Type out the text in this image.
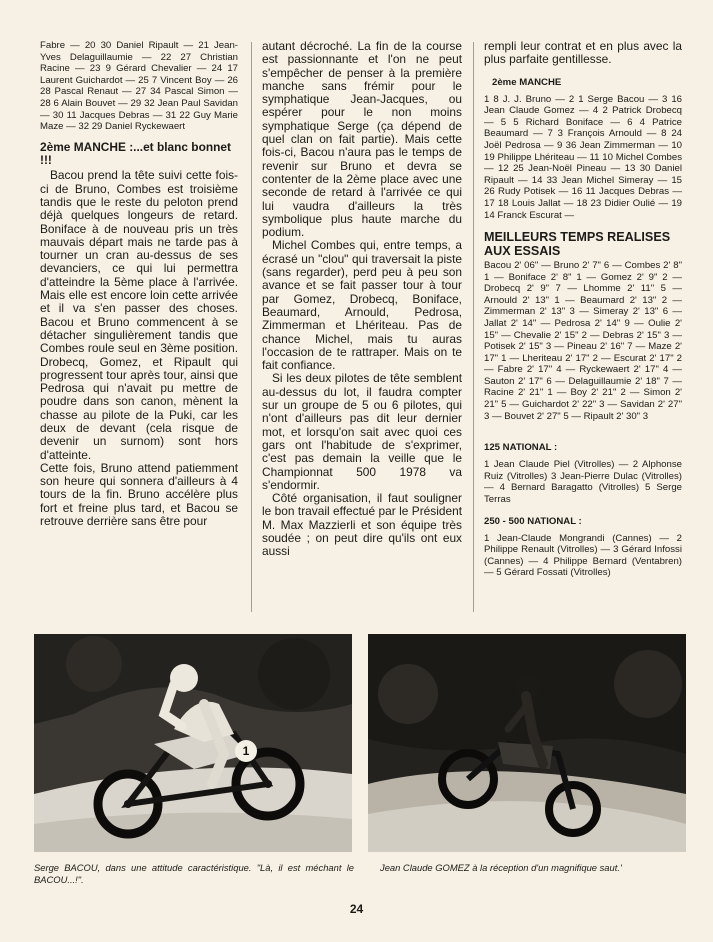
Fabre — 20 30 Daniel Ripault — 21 Jean-Yves Delaguillaumie — 22 27 Christian Racine — 23 9 Gérard Chevalier — 24 17 Laurent Guichardot — 25 7 Vincent Boy — 26 28 Pascal Renaut — 27 34 Pascal Simon — 28 6 Alain Bouvet — 29 32 Jean Paul Savidan — 30 11 Jacques Debras — 31 22 Guy Marie Maze — 32 29 Daniel Ryckewaert

2ème MANCHE :...et blanc bonnet !!!

Bacou prend la tête suivi cette fois-ci de Bruno, Combes est troisième tandis que le reste du peloton prend déjà quelques longeurs de retard. Boniface à de nouveau pris un très mauvais départ mais ne tarde pas à tourner un cran au-dessus de ses devanciers, ce qui lui permettra d'atteindre la 5ème place à l'arrivée. Mais elle est encore loin cette arrivée et il va s'en passer des choses. Bacou et Bruno commencent à se détacher singulièrement tandis que Combes roule seul en 3ème position. Drobecq, Gomez, et Ripault qui progressent tour après tour, ainsi que Pedrosa qui n'avait pu mettre de poudre dans son canon, mènent la chasse au pilote de la Puki, car les deux de devant (cela risque de devenir un surnom) sont hors d'atteinte.

Cette fois, Bruno attend patiemment son heure qui sonnera d'ailleurs à 4 tours de la fin. Bruno accélère plus fort et freine plus tard, et Bacou se retrouve derrière sans être pour

autant décroché. La fin de la course est passionnante et l'on ne peut s'empêcher de penser à la première manche sans frémir pour le symphatique Jean-Jacques, ou espérer pour le non moins symphatique Serge (ça dépend de quel clan on fait partie). Mais cette fois-ci, Bacou n'aura pas le temps de revenir sur Bruno et devra se contenter de la 2ème place avec une seconde de retard à l'arrivée ce qui lui vaudra d'ailleurs la très symbolique plus haute marche du podium.

Michel Combes qui, entre temps, a écrasé un "clou" qui traversait la piste (sans regarder), perd peu à peu son avance et se fait passer tour à tour par Gomez, Drobecq, Boniface, Beaumard, Arnould, Pedrosa, Zimmerman et Lhériteau. Pas de chance Michel, mais tu auras l'occasion de te rattraper. Mais on te fait confiance.

Si les deux pilotes de tête semblent au-dessus du lot, il faudra compter sur un groupe de 5 ou 6 pilotes, qui n'ont d'ailleurs pas dit leur dernier mot, et lorsqu'on sait avec quoi ces gars ont l'habitude de s'exprimer, c'est pas demain la veille que le Championnat 500 1978 va s'endormir.

Côté organisation, il faut souligner le bon travail effectué par le Président M. Max Mazzierli et son équipe très soudée ; on peut dire qu'ils ont eux aussi

rempli leur contrat et en plus avec la plus parfaite gentillesse.

2ème MANCHE

1 8 J. J. Bruno — 2 1 Serge Bacou — 3 16 Jean Claude Gomez — 4 2 Patrick Drobecq — 5 5 Richard Boniface — 6 4 Patrice Beaumard — 7 3 François Arnould — 8 24 Joël Pedrosa — 9 36 Jean Zimmerman — 10 19 Philippe Lhériteau — 11 10 Michel Combes — 12 25 Jean-Noël Pineau — 13 30 Daniel Ripault — 14 33 Jean Michel Simeray — 15 26 Rudy Potisek — 16 11 Jacques Debras — 17 18 Louis Jallat — 18 23 Didier Oulié — 19 14 Franck Escurat —

MEILLEURS TEMPS REALISES AUX ESSAIS

Bacou 2' 06" — Bruno 2' 7" 6 — Combes 2' 8" 1 — Boniface 2' 8" 1 — Gomez 2' 9" 2 — Drobecq 2' 9" 7 — Lhomme 2' 11" 5 — Arnould 2' 13" 1 — Beaumard 2' 13" 2 — Zimmerman 2' 13" 3 — Simeray 2' 13" 6 — Jallat 2' 14" — Pedrosa 2' 14" 9 — Oulie 2' 15" — Chevalie 2' 15" 2 — Debras 2' 15" 3 — Potisek 2' 15" 3 — Pineau 2' 16" 7 — Maze 2' 17" 1 — Lheriteau 2' 17" 2 — Escurat 2' 17" 2 — Fabre 2' 17" 4 — Ryckewaert 2' 17" 4 — Sauton 2' 17" 6 — Delaguillaumie 2' 18" 7 — Racine 2' 21" 1 — Boy 2' 21" 2 — Simon 2' 21" 5 — Guichardot 2' 22" 3 — Savidan 2' 27" 3 — Bouvet 2' 27" 5 — Ripault 2' 30" 3

125 NATIONAL :

1 Jean Claude Piel (Vitrolles) — 2 Alphonse Ruiz (Vitrolles) 3 Jean-Pierre Dulac (Vitrolles) — 4 Bernard Baragatto (Vitrolles) 5 Serge Terras

250 - 500 NATIONAL :

1 Jean-Claude Mongrandi (Cannes) — 2 Philippe Renault (Vitrolles) — 3 Gérard Infossi (Cannes) — 4 Philippe Bernard (Ventabren) — 5 Gérard Fossati (Vitrolles)

1

Serge BACOU, dans une attitude caractéristique. "Là, il est méchant le BACOU...!".

Jean Claude GOMEZ à la réception d'un magnifique saut.'

24
